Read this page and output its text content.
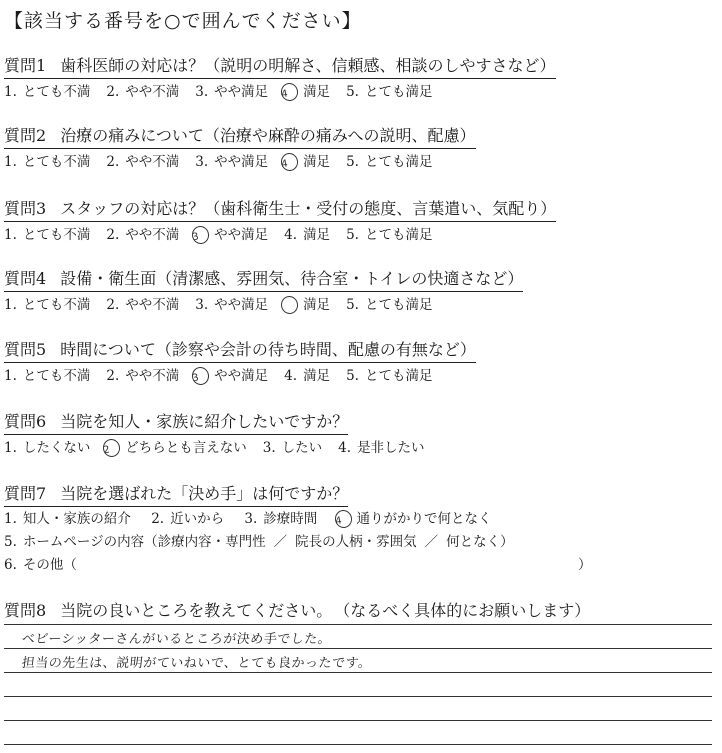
【該当する番号を○で囲んでください】
質問1 歯科医師の対応は？（説明の明解さ、信頼感、相談のしやすさなど）
1. とても不満 2. やや不満 3. やや満足 4 満足 5. とても満足
質問2 治療の痛みについて（治療や麻酔の痛みへの説明、配慮）
1. とても不満 2. やや不満 3. やや満足 4 満足 5. とても満足
質問3 スタッフの対応は？（歯科衛生士・受付の態度、言葉遣い、気配り）
1. とても不満 2. やや不満 3 やや満足 4. 満足 5. とても満足
質問4 設備・衛生面（清潔感、雰囲気、待合室・トイレの快適さなど）
1. とても不満 2. やや不満 3. やや満足	満足 5. とても満足
質問5 時間について（診察や会計の待ち時間、配慮の有無など）
1. とても不満 2. やや不満 3 やや満足 4. 満足 5. とても満足
質問6 当院を知人・家族に紹介したいですか？
1. したくない 2 どちらとも言えない 3. したい 4. 是非したい
質問7 当院を選ばれた「決め手」は何ですか？
1. 知人・家族の紹介 2. 近いから 3. 診療時間 4 通りがかりで何となく
5. ホームページの内容（診療内容・専門性 ／ 院長の人柄・雰囲気 ／ 何となく）
6. その他（	）
質問8 当院の良いところを教えてください。 （なるべく具体的にお願いします）
ベビーシッターさんがいるところが決め手でした。
担当の先生は、説明がていねいで、とても良かったです。
